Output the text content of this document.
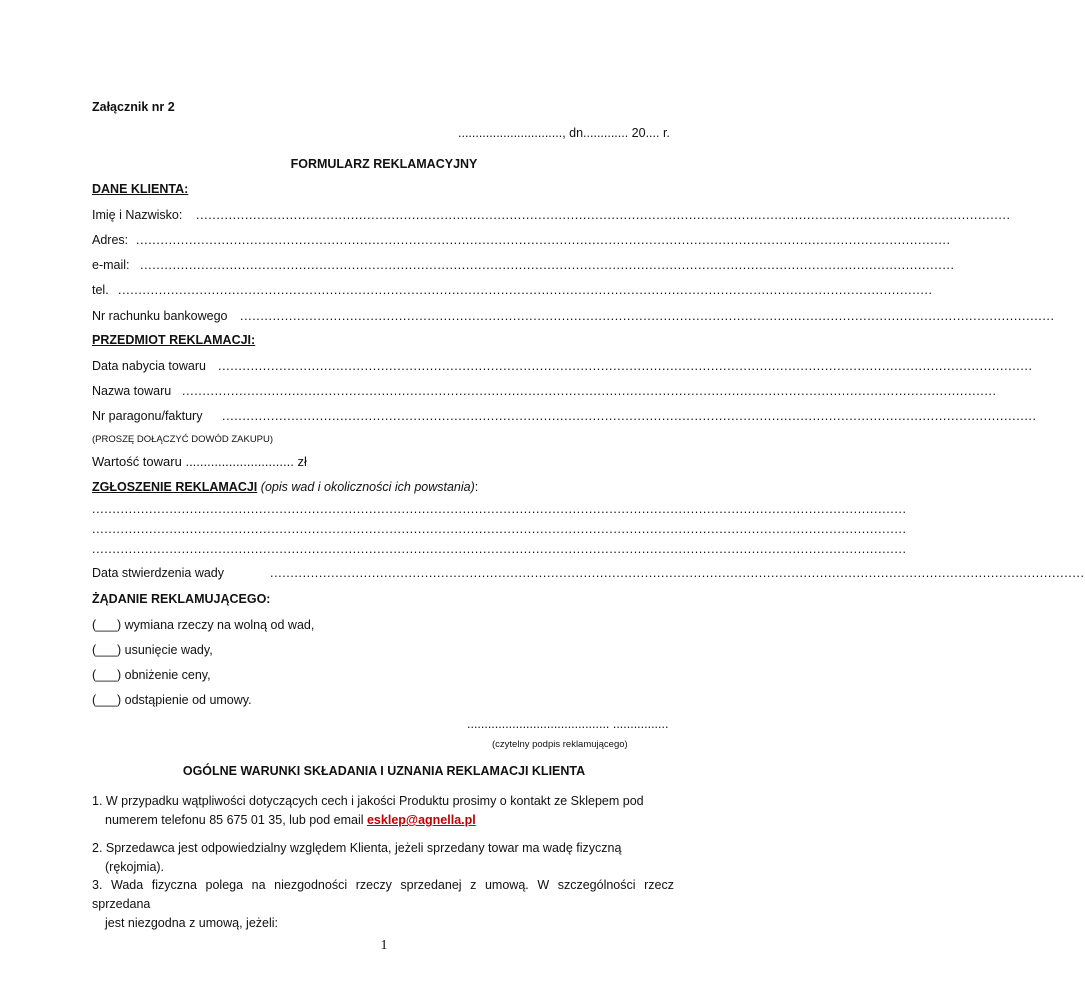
Załącznik nr 2
.............................., dn............. 20.... r.
FORMULARZ REKLAMACYJNY
DANE KLIENTA:
Imię i Nazwisko: ........................................................................................................................................................................................................
Adres: ........................................................................................................................................................................................................
e-mail: ........................................................................................................................................................................................................
tel. ........................................................................................................................................................................................................
Nr rachunku bankowego ........................................................................................................................................................................................................
PRZEDMIOT REKLAMACJI:
Data nabycia towaru ........................................................................................................................................................................................................
Nazwa towaru ........................................................................................................................................................................................................
Nr paragonu/faktury ........................................................................................................................................................................................................
(PROSZĘ DOŁĄCZYĆ DOWÓD ZAKUPU)
Wartość towaru .............................. zł
ZGŁOSZENIE REKLAMACJI (opis wad i okoliczności ich powstania):
........................................................................................................................................................................................................
........................................................................................................................................................................................................
........................................................................................................................................................................................................
Data stwierdzenia wady	........................................................................................................................................................................................................
ŻĄDANIE REKLAMUJĄCEGO:
(___) wymiana rzeczy na wolną od wad,
(___) usunięcie wady,
(___) obniżenie ceny,
(___) odstąpienie od umowy.
......................................... ................
(czytelny podpis reklamującego)
OGÓLNE WARUNKI SKŁADANIA I UZNANIA REKLAMACJI KLIENTA
1. W przypadku wątpliwości dotyczących cech i jakości Produktu prosimy o kontakt ze Sklepem pod
numerem telefonu 85 675 01 35, lub pod email esklep@agnella.pl
2. Sprzedawca jest odpowiedzialny względem Klienta, jeżeli sprzedany towar ma wadę fizyczną
(rękojmia).
3. Wada fizyczna polega na niezgodności rzeczy sprzedanej z umową. W szczególności rzecz sprzedana
jest niezgodna z umową, jeżeli:
1
